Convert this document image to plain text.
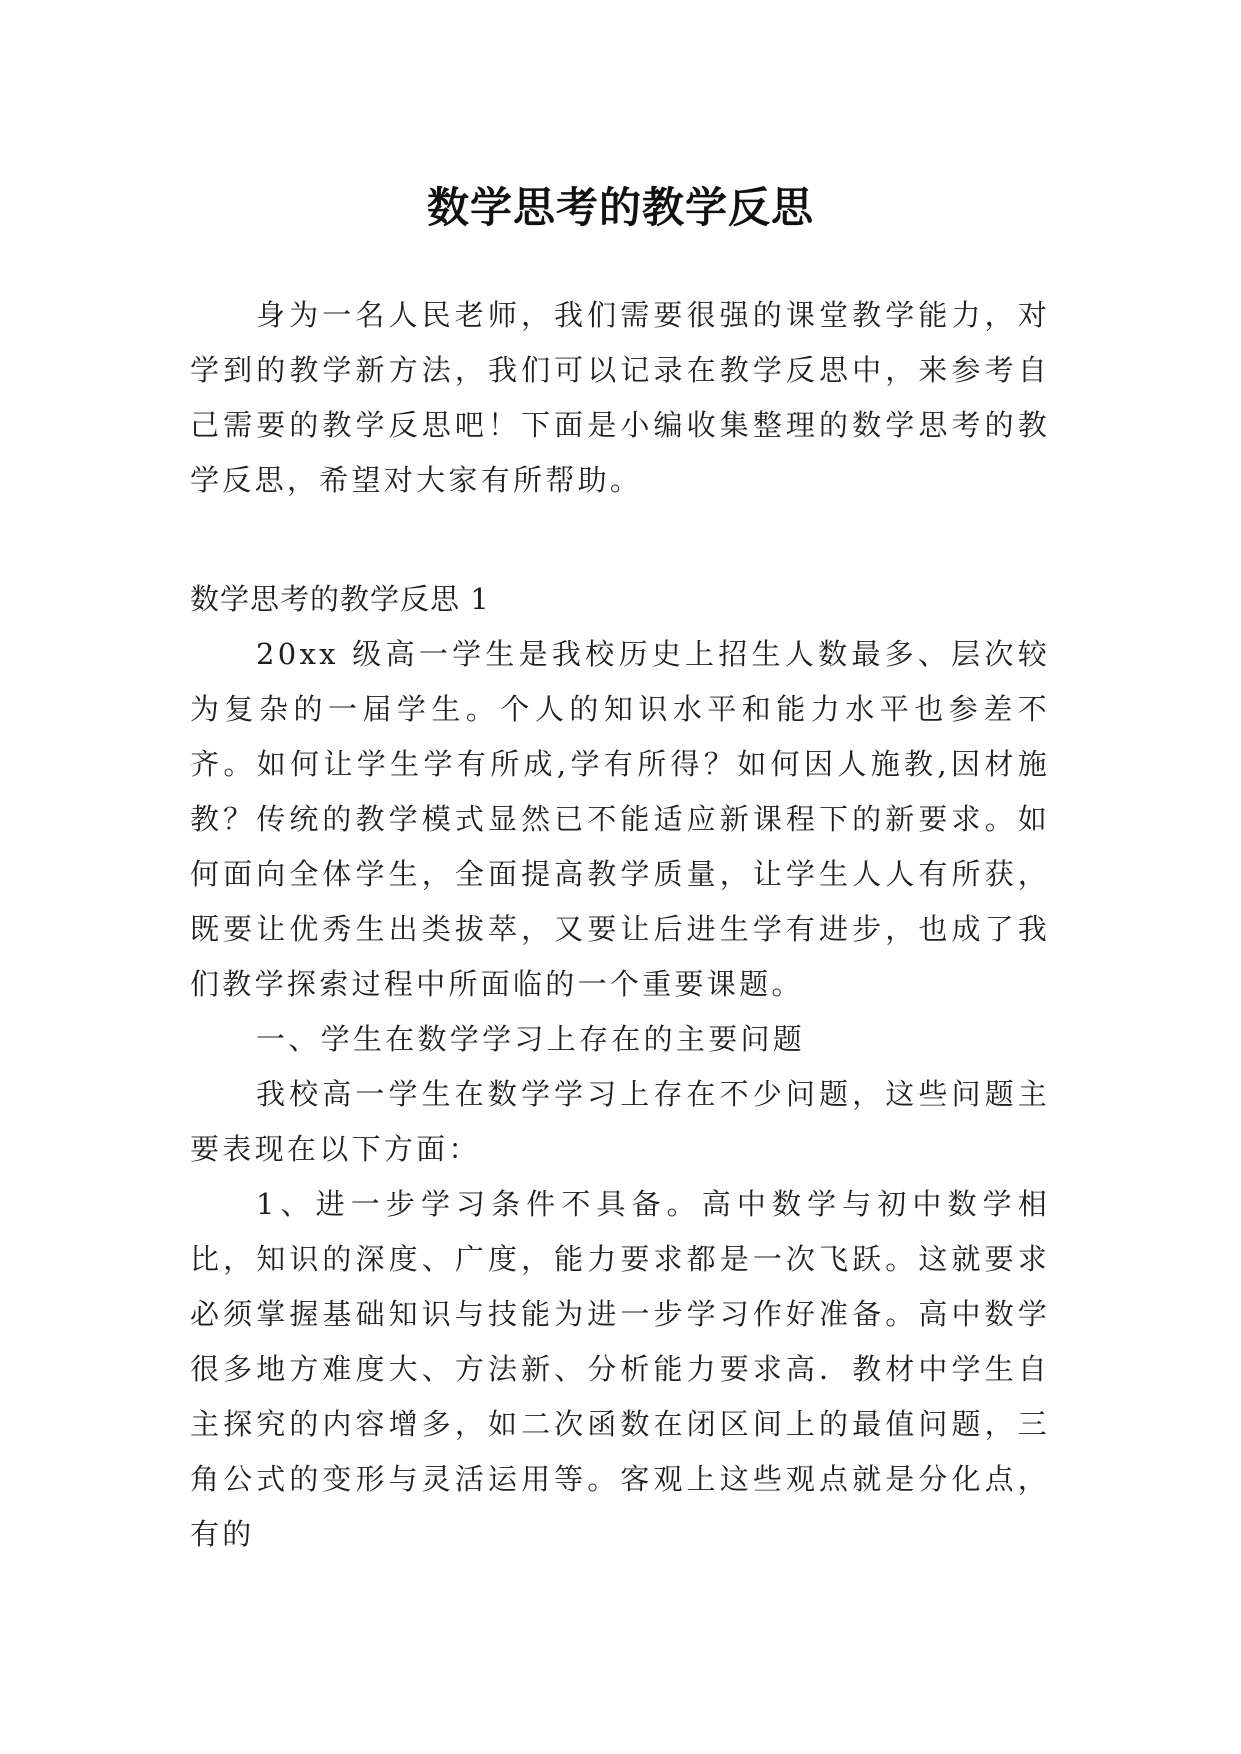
数学思考的教学反思

身为一名人民老师，我们需要很强的课堂教学能力，对学到的教学新方法，我们可以记录在教学反思中，来参考自己需要的教学反思吧！下面是小编收集整理的数学思考的教学反思，希望对大家有所帮助。

数学思考的教学反思 1

20xx 级高一学生是我校历史上招生人数最多、层次较为复杂的一届学生。个人的知识水平和能力水平也参差不齐。如何让学生学有所成,学有所得？如何因人施教,因材施教？传统的教学模式显然已不能适应新课程下的新要求。如何面向全体学生，全面提高教学质量，让学生人人有所获，既要让优秀生出类拔萃，又要让后进生学有进步，也成了我们教学探索过程中所面临的一个重要课题。

一、学生在数学学习上存在的主要问题

我校高一学生在数学学习上存在不少问题，这些问题主要表现在以下方面：

1、进一步学习条件不具备。高中数学与初中数学相比，知识的深度、广度，能力要求都是一次飞跃。这就要求必须掌握基础知识与技能为进一步学习作好准备。高中数学很多地方难度大、方法新、分析能力要求高．教材中学生自主探究的内容增多，如二次函数在闭区间上的最值问题，三角公式的变形与灵活运用等。客观上这些观点就是分化点，有的
